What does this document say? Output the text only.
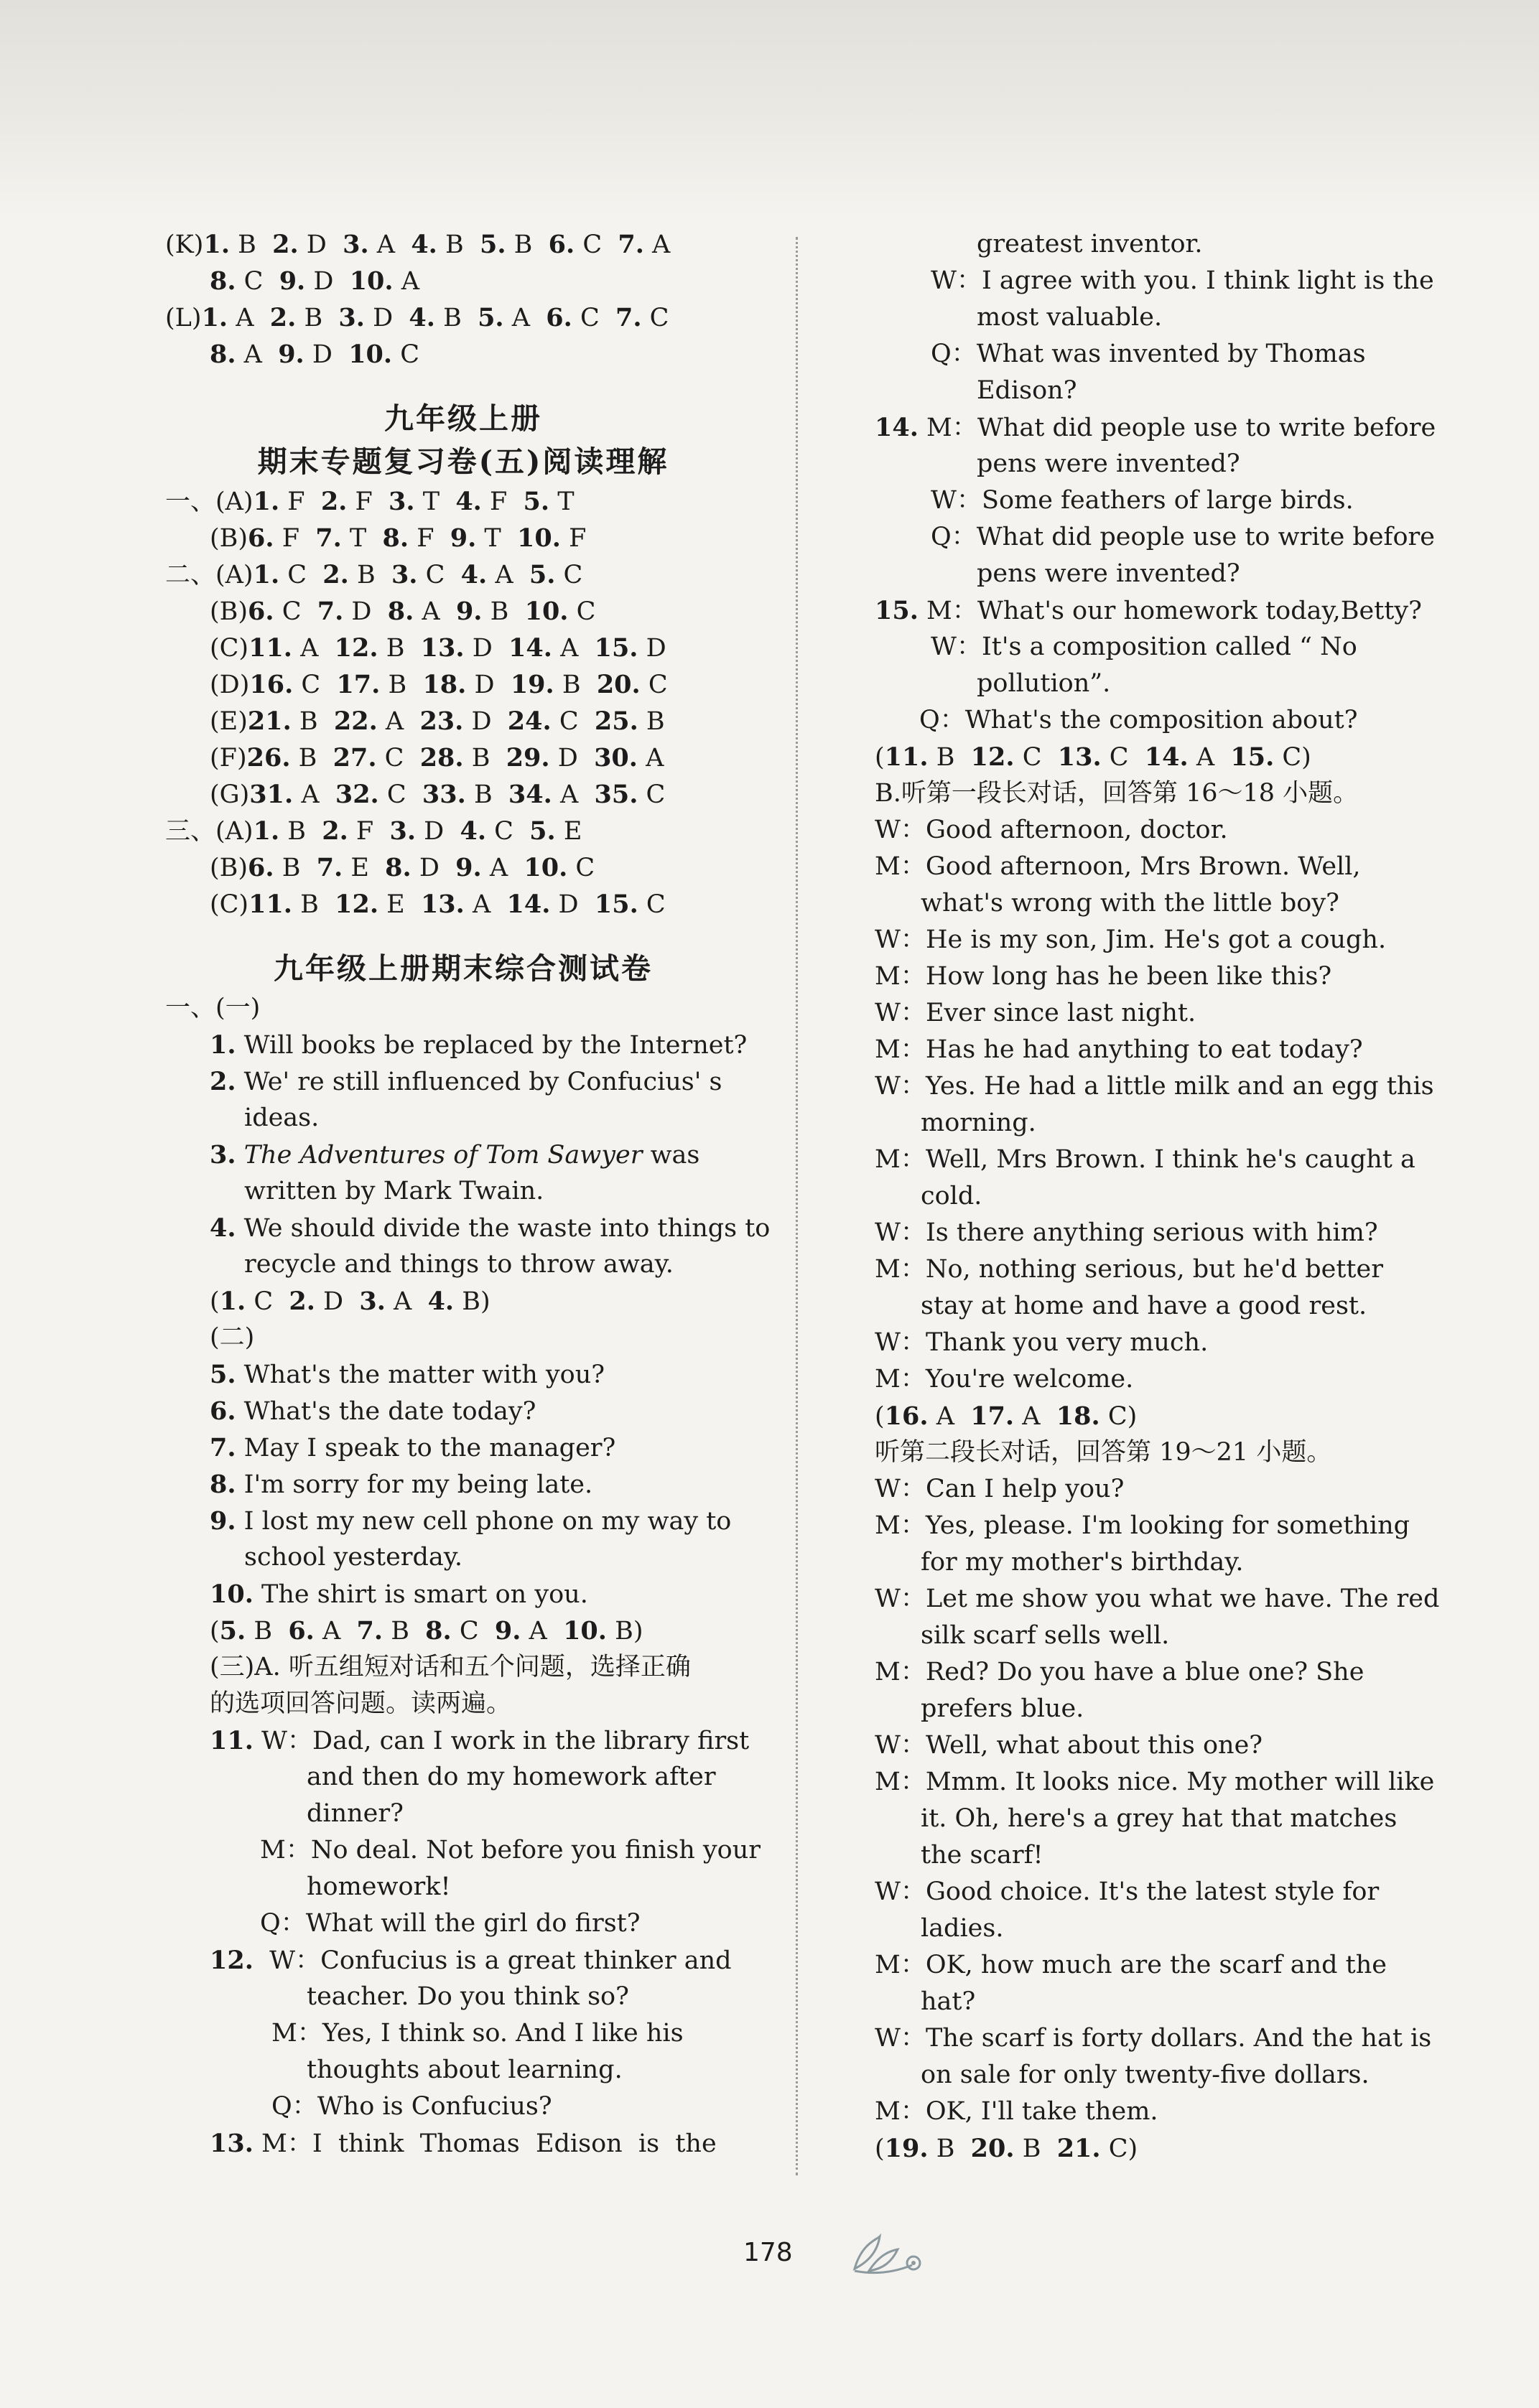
(K)1. B  2. D  3. A  4. B  5. B  6. C  7. A
8. C  9. D  10. A
(L)1. A  2. B  3. D  4. B  5. A  6. C  7. C
8. A  9. D  10. C
九年级上册
期末专题复习卷(五)阅读理解
一、(A)1. F  2. F  3. T  4. F  5. T
(B)6. F  7. T  8. F  9. T  10. F
二、(A)1. C  2. B  3. C  4. A  5. C
(B)6. C  7. D  8. A  9. B  10. C
(C)11. A  12. B  13. D  14. A  15. D
(D)16. C  17. B  18. D  19. B  20. C
(E)21. B  22. A  23. D  24. C  25. B
(F)26. B  27. C  28. B  29. D  30. A
(G)31. A  32. C  33. B  34. A  35. C
三、(A)1. B  2. F  3. D  4. C  5. E
(B)6. B  7. E  8. D  9. A  10. C
(C)11. B  12. E  13. A  14. D  15. C
九年级上册期末综合测试卷
一、(一)
1. Will books be replaced by the Internet?
2. We' re still influenced by Confucius' s
ideas.
3. The Adventures of Tom Sawyer was
written by Mark Twain.
4. We should divide the waste into things to
recycle and things to throw away.
(1. C  2. D  3. A  4. B)
(二)
5. What's the matter with you?
6. What's the date today?
7. May I speak to the manager?
8. I'm sorry for my being late.
9. I lost my new cell phone on my way to
school yesterday.
10. The shirt is smart on you.
(5. B  6. A  7. B  8. C  9. A  10. B)
(三)A. 听五组短对话和五个问题，选择正确
的选项回答问题。读两遍。
11. W：Dad, can I work in the library first
and then do my homework after
dinner?
M：No deal. Not before you finish your
homework!
Q：What will the girl do first?
12.  W：Confucius is a great thinker and
teacher. Do you think so?
M：Yes, I think so. And I like his
thoughts about learning.
Q：Who is Confucius?
13. M：I  think  Thomas  Edison  is  the
greatest inventor.
W：I agree with you. I think light is the
most valuable.
Q：What was invented by Thomas
Edison?
14. M：What did people use to write before
pens were invented?
W：Some feathers of large birds.
Q：What did people use to write before
pens were invented?
15. M：What's our homework today,Betty?
W：It's a composition called “ No
pollution”.
Q：What's the composition about?
(11. B  12. C  13. C  14. A  15. C)
B.听第一段长对话，回答第 16～18 小题。
W：Good afternoon, doctor.
M：Good afternoon, Mrs Brown. Well,
what's wrong with the little boy?
W：He is my son, Jim. He's got a cough.
M：How long has he been like this?
W：Ever since last night.
M：Has he had anything to eat today?
W：Yes. He had a little milk and an egg this
morning.
M：Well, Mrs Brown. I think he's caught a
cold.
W：Is there anything serious with him?
M：No, nothing serious, but he'd better
stay at home and have a good rest.
W：Thank you very much.
M：You're welcome.
(16. A  17. A  18. C)
听第二段长对话，回答第 19～21 小题。
W：Can I help you?
M：Yes, please. I'm looking for something
for my mother's birthday.
W：Let me show you what we have. The red
silk scarf sells well.
M：Red? Do you have a blue one? She
prefers blue.
W：Well, what about this one?
M：Mmm. It looks nice. My mother will like
it. Oh, here's a grey hat that matches
the scarf!
W：Good choice. It's the latest style for
ladies.
M：OK, how much are the scarf and the
hat?
W：The scarf is forty dollars. And the hat is
on sale for only twenty-five dollars.
M：OK, I'll take them.
(19. B  20. B  21. C)
178
